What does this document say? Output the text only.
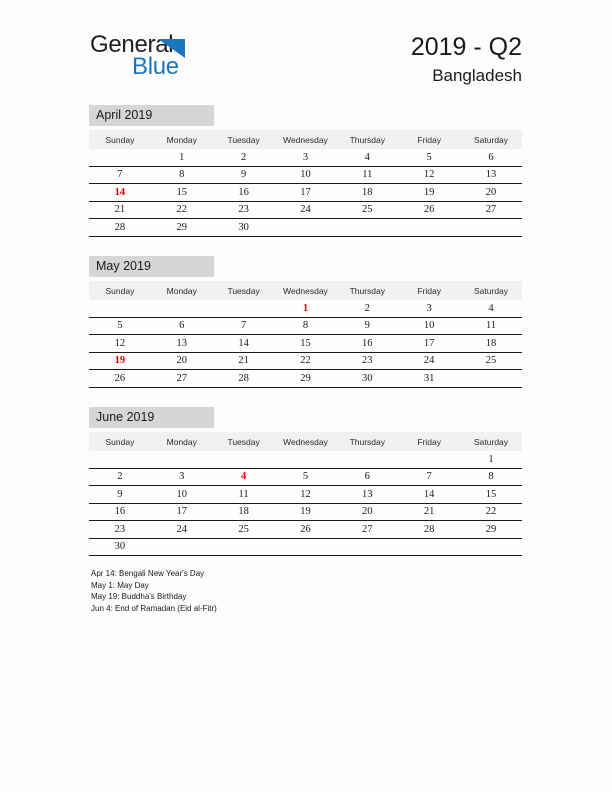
General
Blue
2019 - Q2
Bangladesh
April 2019
Sunday	Monday	Tuesday	Wednesday	Thursday	Friday	Saturday
	1	2	3	4	5	6
7	8	9	10	11	12	13
14	15	16	17	18	19	20
21	22	23	24	25	26	27
28	29	30				
May 2019
Sunday	Monday	Tuesday	Wednesday	Thursday	Friday	Saturday
			1	2	3	4
5	6	7	8	9	10	11
12	13	14	15	16	17	18
19	20	21	22	23	24	25
26	27	28	29	30	31	
June 2019
Sunday	Monday	Tuesday	Wednesday	Thursday	Friday	Saturday
						1
2	3	4	5	6	7	8
9	10	11	12	13	14	15
16	17	18	19	20	21	22
23	24	25	26	27	28	29
30						
Apr 14: Bengali New Year's Day
May 1: May Day
May 19: Buddha's Birthday
Jun 4: End of Ramadan (Eid al-Fitr)
